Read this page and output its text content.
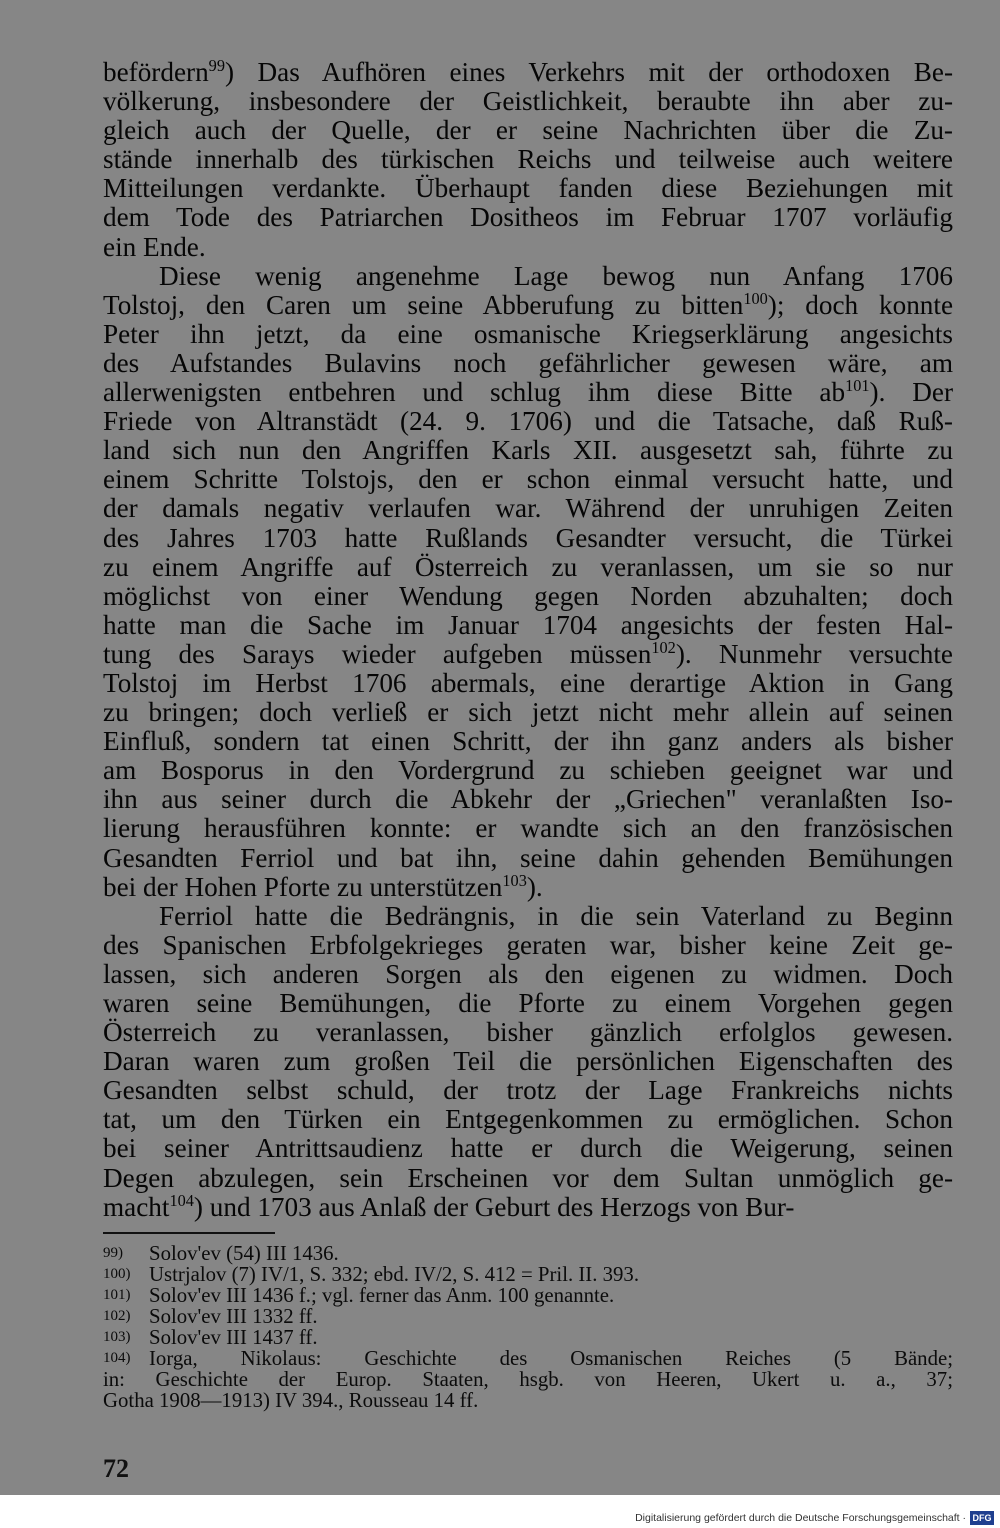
befördern$^{99}$) Das Aufhören eines Verkehrs mit der orthodoxen Be-
völkerung, insbesondere der Geistlichkeit, beraubte ihn aber zu-
gleich auch der Quelle, der er seine Nachrichten über die Zu-
stände innerhalb des türkischen Reichs und teilweise auch weitere
Mitteilungen verdankte. Überhaupt fanden diese Beziehungen mit
dem Tode des Patriarchen Dositheos im Februar 1707 vorläufig
ein Ende.
Diese wenig angenehme Lage bewog nun Anfang 1706
Tolstoj, den Caren um seine Abberufung zu bitten$^{100}$); doch konnte
Peter ihn jetzt, da eine osmanische Kriegserklärung angesichts
des Aufstandes Bulavins noch gefährlicher gewesen wäre, am
allerwenigsten entbehren und schlug ihm diese Bitte $ab^{101}$). Der
Friede von Altranstädt (24. 9. 1706) und die Tatsache, daß Ruß-
land sich nun den Angriffen Karls XII. ausgesetzt sah, führte zu
einem Schritte Tolstojs, den er schon einmal versucht hatte, und
der damals negativ verlaufen war. Während der unruhigen Zeiten
des Jahres 1703 hatte Rußlands Gesandter versucht, die Türkei
zu einem Angriffe auf Österreich zu veranlassen, um sie so nur
möglichst von einer Wendung gegen Norden abzuhalten; doch
hatte man die Sache im Januar 1704 angesichts der festen Hal-
tung des Sarays wieder aufgeben müssen$^{102}$). Nunmehr versuchte
Tolstoj im Herbst 1706 abermals, eine derartige Aktion in Gang
zu bringen; doch verließ er sich jetzt nicht mehr allein auf seinen
Einfluß, sondern tat einen Schritt, der ihn ganz anders als bisher
am Bosporus in den Vordergrund zu schieben geeignet war und
ihn aus seiner durch die Abkehr der „Griechen" veranlaßten Iso-
lierung herausführen konnte: er wandte sich an den französischen
Gesandten Ferriol und bat ihn, seine dahin gehenden Bemühungen
bei der Hohen Pforte zu unterstützen$^{103}$).
Ferriol hatte die Bedrängnis, in die sein Vaterland zu Beginn
des Spanischen Erbfolgekrieges geraten war, bisher keine Zeit ge-
lassen, sich anderen Sorgen als den eigenen zu widmen. Doch
waren seine Bemühungen, die Pforte zu einem Vorgehen gegen
Österreich zu veranlassen, bisher gänzlich erfolglos gewesen.
Daran waren zum großen Teil die persönlichen Eigenschaften des
Gesandten selbst schuld, der trotz der Lage Frankreichs nichts
tat, um den Türken ein Entgegenkommen zu ermöglichen. Schon
bei seiner Antrittsaudienz hatte er durch die Weigerung, seinen
Degen abzulegen, sein Erscheinen vor dem Sultan unmöglich ge-
macht$^{104}$) und 1703 aus Anlaß der Geburt des Herzogs von Bur-
99) Solov'ev (54) III 1436.
100) Ustrjalov (7) IV/1, S. 332; ebd. IV/2, S. 412 = Pril. II. 393.
101) Solov'ev III 1436 f.; vgl. ferner das Anm. 100 genannte.
102) Solov'ev III 1332 ff.
103) Solov'ev III 1437 ff.
104) Iorga, Nikolaus: Geschichte des Osmanischen Reiches (5 Bände;
in: Geschichte der Europ. Staaten, hsgb. von Heeren, Ukert u. a., 37;
Gotha 1908—1913) IV 394., Rousseau 14 ff.
72
Digitalisierung gefördert durch die Deutsche Forschungsgemeinschaft · DFG
